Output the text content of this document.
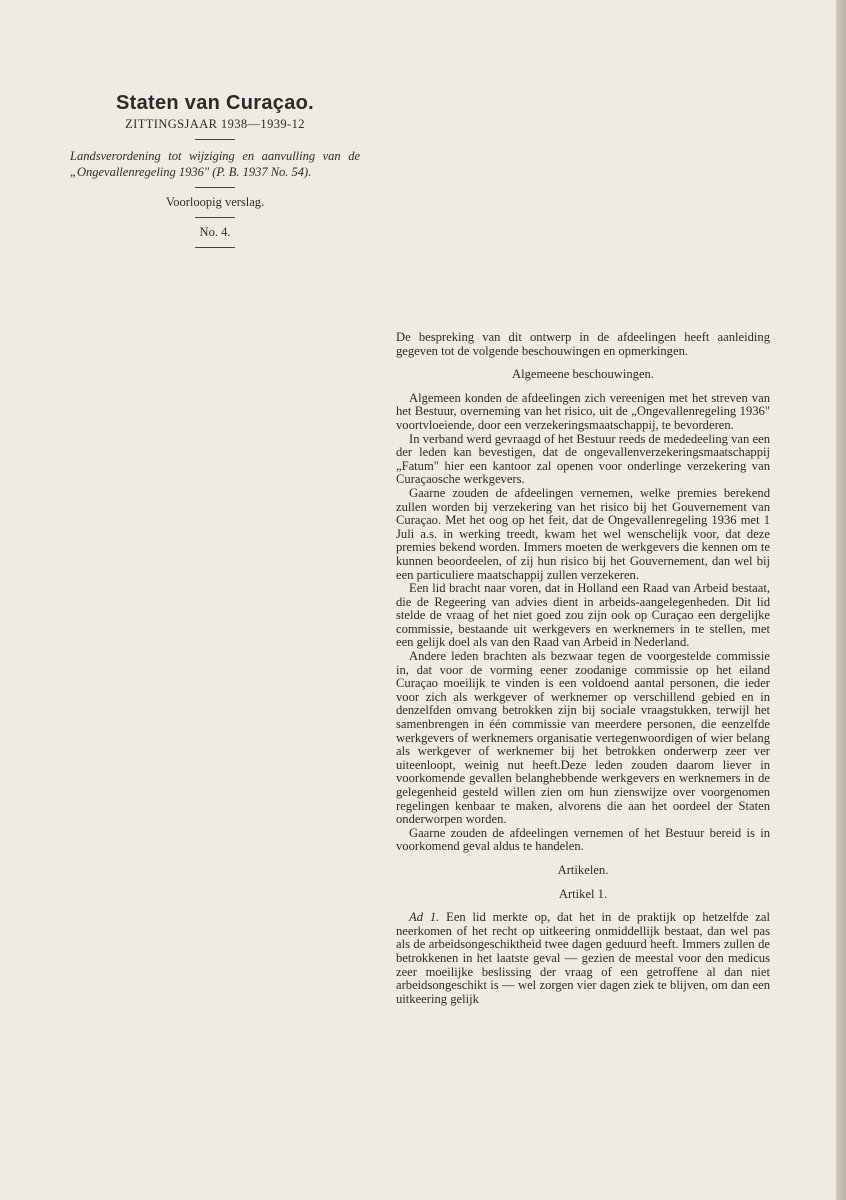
Staten van Curaçao.
ZITTINGSJAAR 1938—1939-12

Landsverordening tot wijziging en aanvulling van de „Ongevallenregeling 1936" (P. B. 1937 No. 54).

Voorloopig verslag.
No. 4.

De bespreking van dit ontwerp in de afdeelingen heeft aanleiding gegeven tot de volgende beschouwingen en opmerkingen.

Algemeene beschouwingen.

Algemeen konden de afdeelingen zich vereenigen met het streven van het Bestuur, overneming van het risico, uit de „Ongevallenregeling 1936" voortvloeiende, door een verzekeringsmaatschappij, te bevorderen.

In verband werd gevraagd of het Bestuur reeds de mededeeling van een der leden kan bevestigen, dat de ongevallenverzekeringsmaatschappij „Fatum" hier een kantoor zal openen voor onderlinge verzekering van Curaçaosche werkgevers.

Gaarne zouden de afdeelingen vernemen, welke premies berekend zullen worden bij verzekering van het risico bij het Gouvernement van Curaçao. Met het oog op het feit, dat de Ongevallenregeling 1936 met 1 Juli a.s. in werking treedt, kwam het wel wenschelijk voor, dat deze premies bekend worden. Immers moeten de werkgevers die kennen om te kunnen beoordeelen, of zij hun risico bij het Gouvernement, dan wel bij een particuliere maatschappij zullen verzekeren.

Een lid bracht naar voren, dat in Holland een Raad van Arbeid bestaat, die de Regeering van advies dient in arbeids-aangelegenheden. Dit lid stelde de vraag of het niet goed zou zijn ook op Curaçao een dergelijke commissie, bestaande uit werkgevers en werknemers in te stellen, met een gelijk doel als van den Raad van Arbeid in Nederland.

Andere leden brachten als bezwaar tegen de voorgestelde commissie in, dat voor de vorming eener zoodanige commissie op het eiland Curaçao moeilijk te vinden is een voldoend aantal personen, die ieder voor zich als werkgever of werknemer op verschillend gebied en in denzelfden omvang betrokken zijn bij sociale vraagstukken, terwijl het samenbrengen in één commissie van meerdere personen, die eenzelfde werkgevers of werknemers organisatie vertegenwoordigen of wier belang als werkgever of werknemer bij het betrokken onderwerp zeer ver uiteenloopt, weinig nut heeft.Deze leden zouden daarom liever in voorkomende gevallen belanghebbende werkgevers en werknemers in de gelegenheid gesteld willen zien om hun zienswijze over voorgenomen regelingen kenbaar te maken, alvorens die aan het oordeel der Staten onderworpen worden.

Gaarne zouden de afdeelingen vernemen of het Bestuur bereid is in voorkomend geval aldus te handelen.

Artikelen.
Artikel 1.

Ad 1. Een lid merkte op, dat het in de praktijk op hetzelfde zal neerkomen of het recht op uitkeering onmiddellijk bestaat, dan wel pas als de arbeidsongeschiktheid twee dagen geduurd heeft. Immers zullen de betrokkenen in het laatste geval — gezien de meestal voor den medicus zeer moeilijke beslissing der vraag of een getroffene al dan niet arbeidsongeschikt is — wel zorgen vier dagen ziek te blijven, om dan een uitkeering gelijk
